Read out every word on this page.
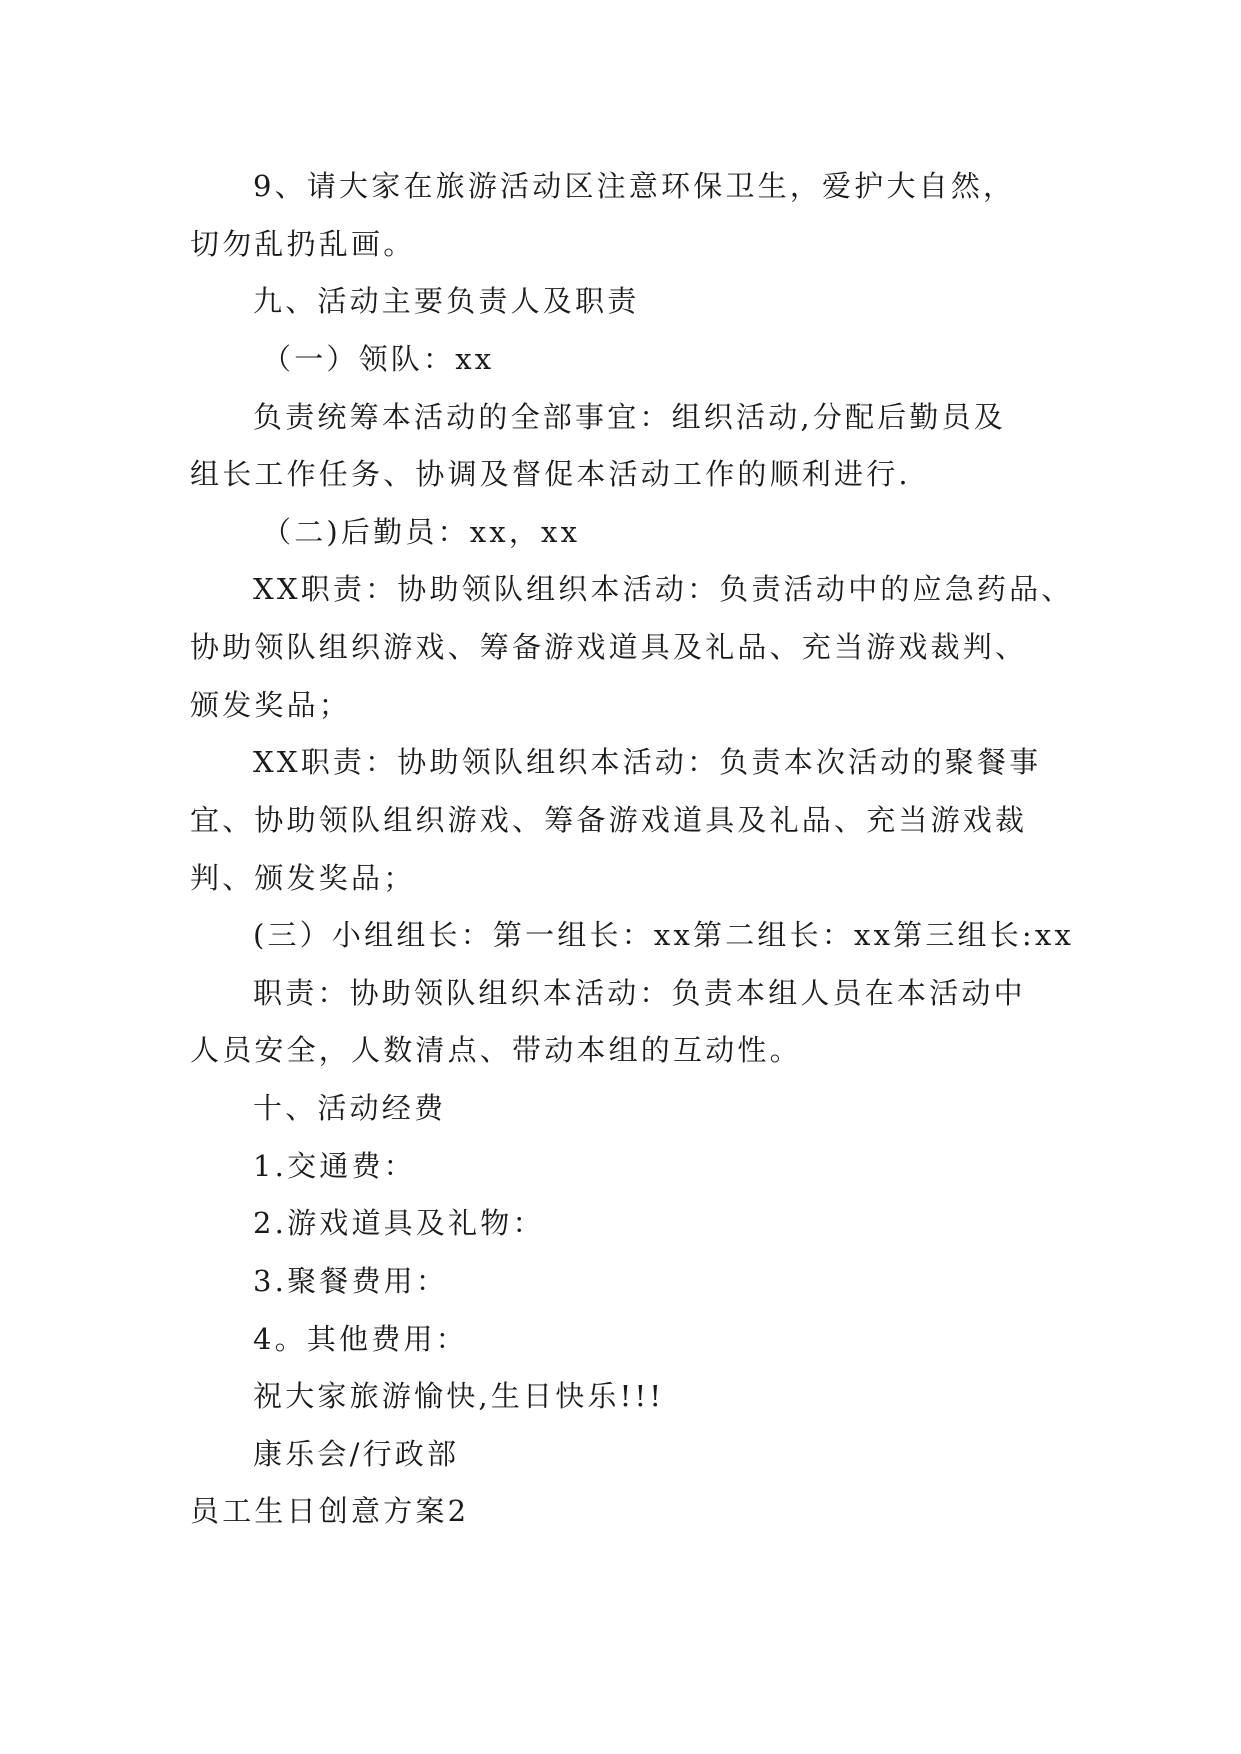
9、请大家在旅游活动区注意环保卫生，爱护大自然，
切勿乱扔乱画。
九、活动主要负责人及职责
（一）领队：xx
负责统筹本活动的全部事宜：组织活动,分配后勤员及
组长工作任务、协调及督促本活动工作的顺利进行.
（二)后勤员：xx，xx
XX职责：协助领队组织本活动：负责活动中的应急药品、
协助领队组织游戏、筹备游戏道具及礼品、充当游戏裁判、
颁发奖品；
XX职责：协助领队组织本活动：负责本次活动的聚餐事
宜、协助领队组织游戏、筹备游戏道具及礼品、充当游戏裁
判、颁发奖品；
(三）小组组长：第一组长：xx第二组长：xx第三组长:xx
职责：协助领队组织本活动：负责本组人员在本活动中
人员安全，人数清点、带动本组的互动性。
十、活动经费
1.交通费：
2.游戏道具及礼物：
3.聚餐费用：
4。其他费用：
祝大家旅游愉快,生日快乐!!!
康乐会/行政部
员工生日创意方案2
